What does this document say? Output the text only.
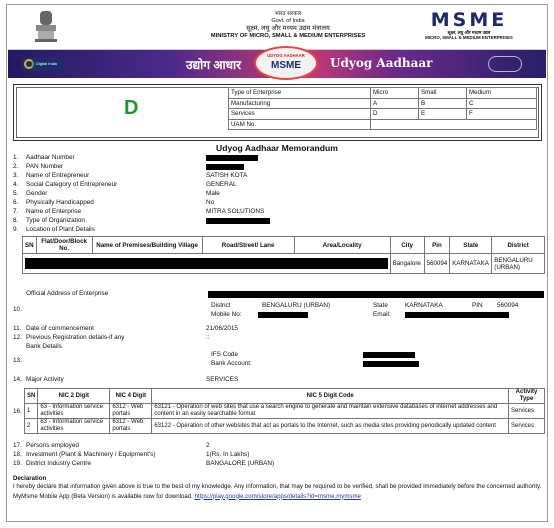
भारत सरकार
Govt. of India
सूक्ष्म, लघु और मध्यम उद्यम मंत्रालय
MINISTRY OF MICRO, SMALL & MEDIUM ENTERPRISES
MSME
सूक्ष्म, लघु और मध्यम उद्यम
MICRO, SMALL & MEDIUM ENTERPRISES
Digital India	उद्योग आधार
UDYOG AADHAAR
MSME	Udyog Aadhaar
D
Type of Enterprise	Micro	Small	Medium
Manufacturing	A	B	C
Services	D	E	F
UAM No.			
Udyog Aadhaar Memorandum
1. Aadhaar Number
2. PAN Number
3. Name of Entrepreneur	SATISH KOTA
4. Social Category of Entrepreneur	GENERAL
5. Gender	Male
6. Physically Handicapped	No
7. Name of Enterprise	MITRA SOLUTIONS
8. Type of Organization
9. Location of Plant Details
SN	Flat/Door/Block No.	Name of Premises/Building Village	Road/Street/ Lane	Area/Locality	City	Pin	State	District

					Bangalore	560094	KARNATAKA	BENGALURU (URBAN)
Official Address of Enterprise
10.
District	BENGALURU (URBAN)	State	KARNATAKA	PIN 560094
Mobile No:	Email:
11. Date of commencement	21/06/2015
12. Previous Registration details-if any	::
Bank Details
13.
IFS Code
Bank Account:
14. Major Activity	SERVICES
SN	NIC 2 Digit	NIC 4 Digit	NIC 5 Digit Code	Activity Type
1	63 - Information service activities	6312 - Web portals	63121 - Operation of web sites that use a search engine to generate and maintain extensive databases of internet addresses and content in an easily searchable format	Services
2	63 - Information service activities	6312 - Web portals	63122 - Operation of other websites that act as portals to the Internet, such as media sites providing periodically updated content	Services
16.
17. Persons employed	2
18. Investment (Plant & Machinery / Equipment's)	1(Rs. In Lakhs)
19. District Industry Centre	BANGALORE (URBAN)
Declaration
I hereby declare that information given above is true to the best of my knowledge. Any information, that may be required to be verified, shall be provided immediately before the concerned authority.
MyMsme Mobile App (Beta Version) is available now for download. https://play.google.com/store/apps/details?id=msme.mymsme
